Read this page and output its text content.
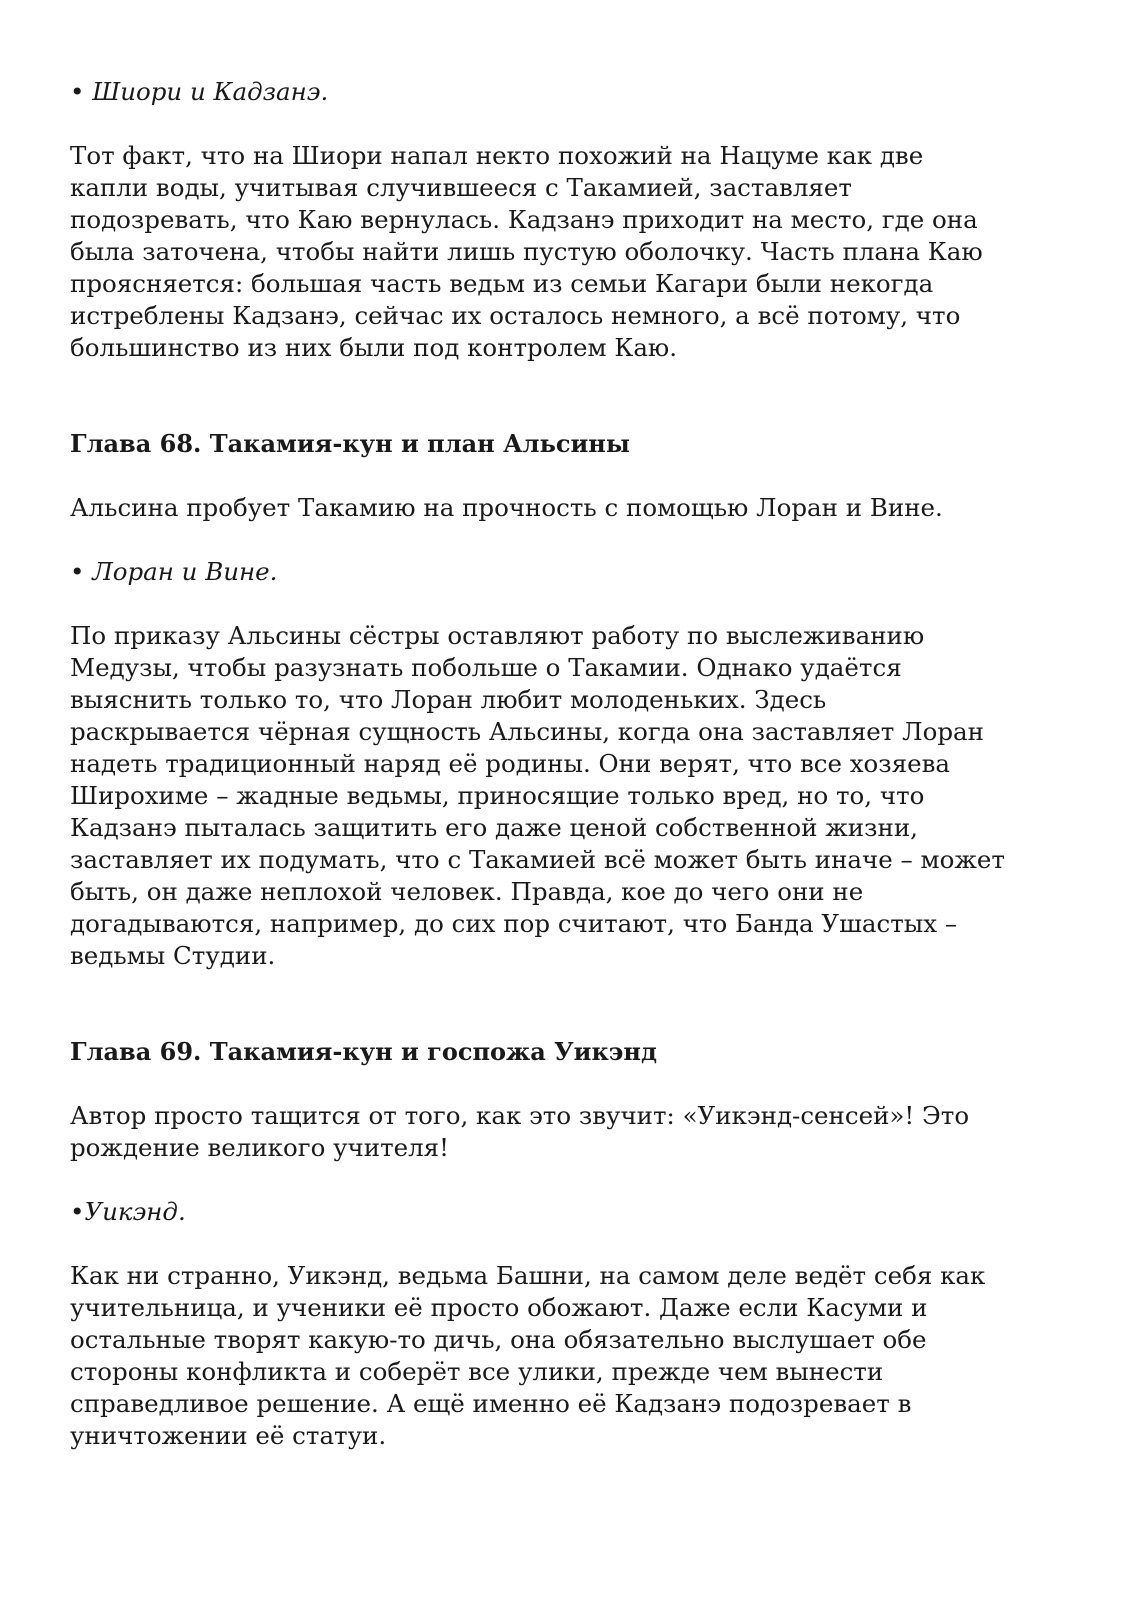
• Шиори и Кадзанэ.

Тот факт, что на Шиори напал некто похожий на Нацуме как две
капли воды, учитывая случившееся с Такамией, заставляет
подозревать, что Каю вернулась. Кадзанэ приходит на место, где она
была заточена, чтобы найти лишь пустую оболочку. Часть плана Каю
проясняется: большая часть ведьм из семьи Кагари были некогда
истреблены Кадзанэ, сейчас их осталось немного, а всё потому, что
большинство из них были под контролем Каю.

Глава 68. Такамия-кун и план Альсины

Альсина пробует Такамию на прочность с помощью Лоран и Вине.

• Лоран и Вине.

По приказу Альсины сёстры оставляют работу по выслеживанию
Медузы, чтобы разузнать побольше о Такамии. Однако удаётся
выяснить только то, что Лоран любит молоденьких. Здесь
раскрывается чёрная сущность Альсины, когда она заставляет Лоран
надеть традиционный наряд её родины. Они верят, что все хозяева
Широхиме – жадные ведьмы, приносящие только вред, но то, что
Кадзанэ пыталась защитить его даже ценой собственной жизни,
заставляет их подумать, что с Такамией всё может быть иначе – может
быть, он даже неплохой человек. Правда, кое до чего они не
догадываются, например, до сих пор считают, что Банда Ушастых –
ведьмы Студии.

Глава 69. Такамия-кун и госпожа Уикэнд

Автор просто тащится от того, как это звучит: «Уикэнд-сенсей»! Это
рождение великого учителя!

•Уикэнд.

Как ни странно, Уикэнд, ведьма Башни, на самом деле ведёт себя как
учительница, и ученики её просто обожают. Даже если Касуми и
остальные творят какую-то дичь, она обязательно выслушает обе
стороны конфликта и соберёт все улики, прежде чем вынести
справедливое решение. А ещё именно её Кадзанэ подозревает в
уничтожении её статуи.
